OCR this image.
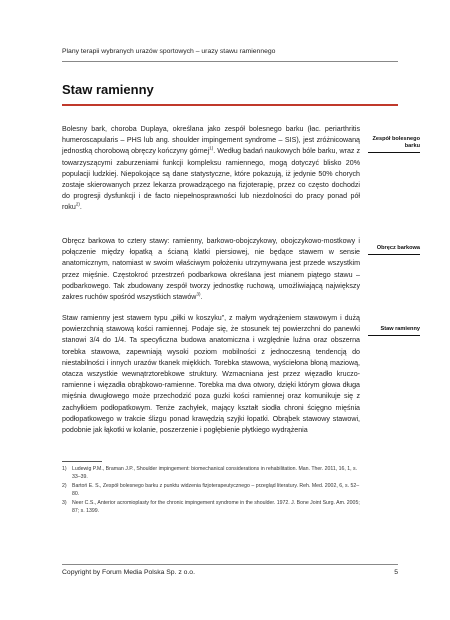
Plany terapii wybranych urazów sportowych – urazy stawu ramiennego
Staw ramienny
Bolesny bark, choroba Duplaya, określana jako zespół bolesnego barku (łac. periarthritis humeroscapularis – PHS lub ang. shoulder impingement syndrome – SIS), jest zróżnicowaną jednostką chorobową obręczy kończyny górnej$^{1)}$. Według badań naukowych bóle barku, wraz z towarzyszącymi zaburzeniami funkcji kompleksu ramiennego, mogą dotyczyć blisko 20% populacji ludzkiej. Niepokojące są dane statystyczne, które pokazują, iż jedynie 50% chorych zostaje skierowanych przez lekarza prowadzącego na fizjoterapię, przez co często dochodzi do progresji dysfunkcji i de facto niepełnosprawności lub niezdolności do pracy ponad pół roku$^{2)}$.
Obręcz barkowa to cztery stawy: ramienny, barkowo-obojczykowy, obojczykowo-mostkowy i połączenie między łopatką a ścianą klatki piersiowej, nie będące stawem w sensie anatomicznym, natomiast w swoim właściwym położeniu utrzymywana jest przede wszystkim przez mięśnie. Częstokroć przestrzeń podbarkowa określana jest mianem piątego stawu – podbarkowego. Tak zbudowany zespół tworzy jednostkę ruchową, umożliwiającą największy zakres ruchów spośród wszystkich stawów$^{3)}$.
Staw ramienny jest stawem typu „piłki w koszyku”, z małym wydrążeniem stawowym i dużą powierzchnią stawową kości ramiennej. Podaje się, że stosunek tej powierzchni do panewki stanowi 3/4 do 1/4. Ta specyficzna budowa anatomiczna i względnie luźna oraz obszerna torebka stawowa, zapewniają wysoki poziom mobilności z jednoczesną tendencją do niestabilności i innych urazów tkanek miękkich. Torebka stawowa, wyściełona błoną maziową, otacza wszystkie wewnątrztorebkowe struktury. Wzmacniana jest przez więzadło kruczo-ramienne i więzadła obrąbkowo-ramienne. Torebka ma dwa otwory, dzięki którym głowa długa mięśnia dwugłowego może przechodzić poza guzki kości ramiennej oraz komunikuje się z zachyłkiem podłopatkowym. Tenże zachyłek, mający kształt siodła chroni ścięgno mięśnia podłopatkowego w trakcie ślizgu ponad krawędzią szyjki łopatki. Obrąbek stawowy stawowi, podobnie jak łąkotki w kolanie, poszerzenie i pogłębienie płytkiego wydrążenia
Zespół bolesnego barku
Obręcz barkowa
Staw ramienny
1)	Ludewig P.M., Braman J.P., Shoulder impingement: biomechanical considerations in rehabilitation. Man. Ther. 2011, 16, 1, s. 33–39.
2)	Bartoń E. S., Zespół bolesnego barku z punktu widzenia fizjoterapeutycznego – przegląd literatury. Reh. Med. 2002, 6, s. 52–80.
3)	Neer C.S., Anterior acromioplasty for the chronic impingement syndrome in the shoulder. 1972. J. Bone Joint Surg. Am. 2005; 87; s. 1399.
Copyright by Forum Media Polska Sp. z o.o.	5
